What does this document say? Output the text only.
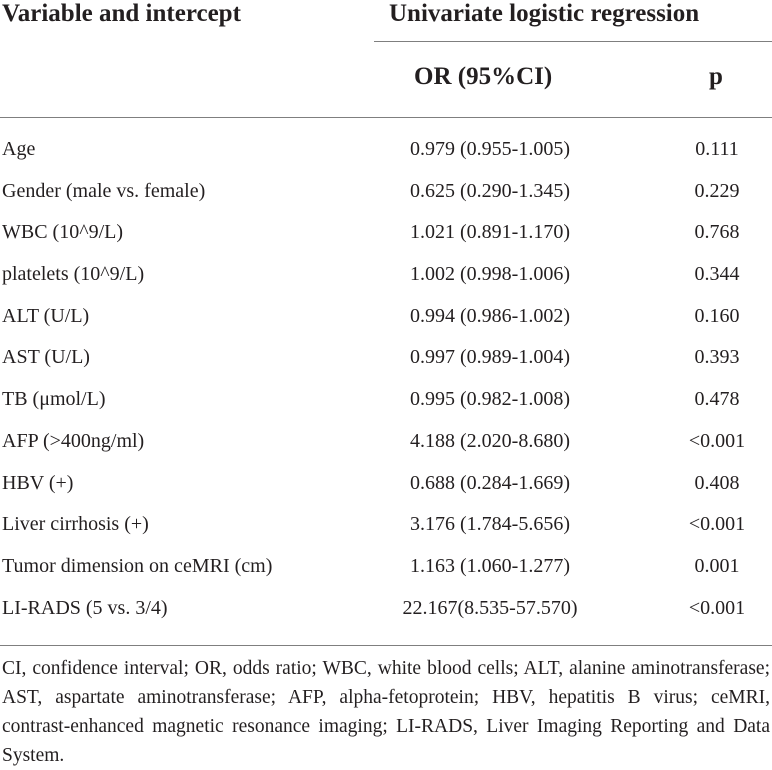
Variable and intercept	Univariate logistic regression
OR (95%CI)	p
Age	0.979 (0.955-1.005)	0.111
Gender (male vs. female)	0.625 (0.290-1.345)	0.229
WBC (10^9/L)	1.021 (0.891-1.170)	0.768
platelets (10^9/L)	1.002 (0.998-1.006)	0.344
ALT (U/L)	0.994 (0.986-1.002)	0.160
AST (U/L)	0.997 (0.989-1.004)	0.393
TB (μmol/L)	0.995 (0.982-1.008)	0.478
AFP (>400ng/ml)	4.188 (2.020-8.680)	<0.001
HBV (+)	0.688 (0.284-1.669)	0.408
Liver cirrhosis (+)	3.176 (1.784-5.656)	<0.001
Tumor dimension on ceMRI (cm)	1.163 (1.060-1.277)	0.001
LI-RADS (5 vs. 3/4)	22.167(8.535-57.570)	<0.001
CI, confidence interval; OR, odds ratio; WBC, white blood cells; ALT, alanine aminotransferase; AST, aspartate aminotransferase; AFP, alpha-fetoprotein; HBV, hepatitis B virus; ceMRI, contrast-enhanced magnetic resonance imaging; LI-RADS, Liver Imaging Reporting and Data System.
